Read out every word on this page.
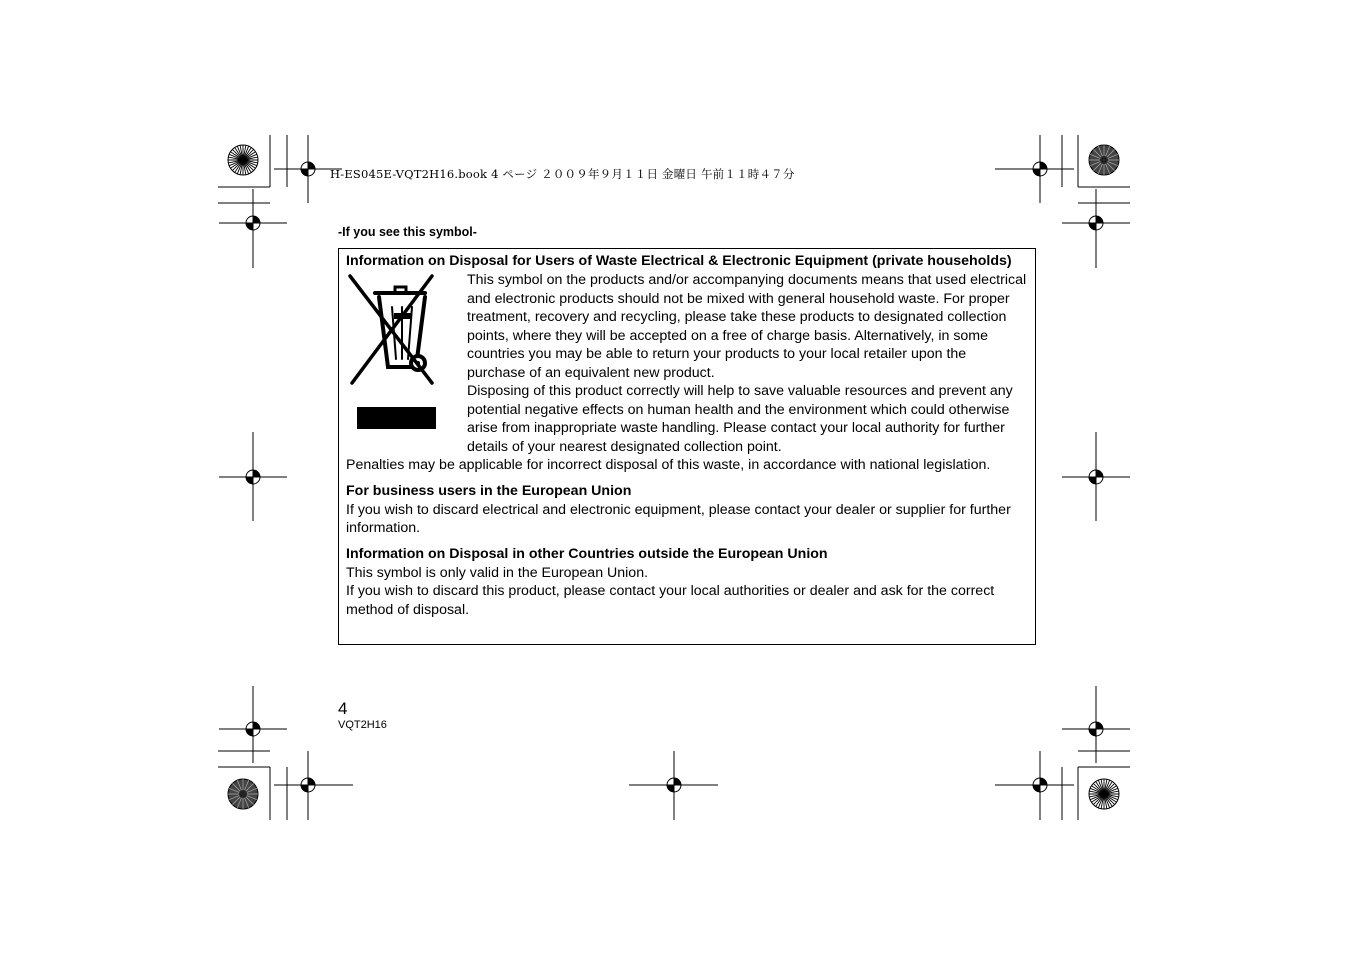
H-ES045E-VQT2H16.book 4 ページ ２００９年９月１１日 金曜日 午前１１時４７分
-If you see this symbol-
Information on Disposal for Users of Waste Electrical & Electronic Equipment (private households)

This symbol on the products and/or accompanying documents means that used electrical and electronic products should not be mixed with general household waste. For proper treatment, recovery and recycling, please take these products to designated collection points, where they will be accepted on a free of charge basis. Alternatively, in some countries you may be able to return your products to your local retailer upon the purchase of an equivalent new product.

Disposing of this product correctly will help to save valuable resources and prevent any potential negative effects on human health and the environment which could otherwise arise from inappropriate waste handling. Please contact your local authority for further details of your nearest designated collection point.

Penalties may be applicable for incorrect disposal of this waste, in accordance with national legislation.

For business users in the European Union

If you wish to discard electrical and electronic equipment, please contact your dealer or supplier for further information.

Information on Disposal in other Countries outside the European Union

This symbol is only valid in the European Union.

If you wish to discard this product, please contact your local authorities or dealer and ask for the correct method of disposal.

4
VQT2H16
